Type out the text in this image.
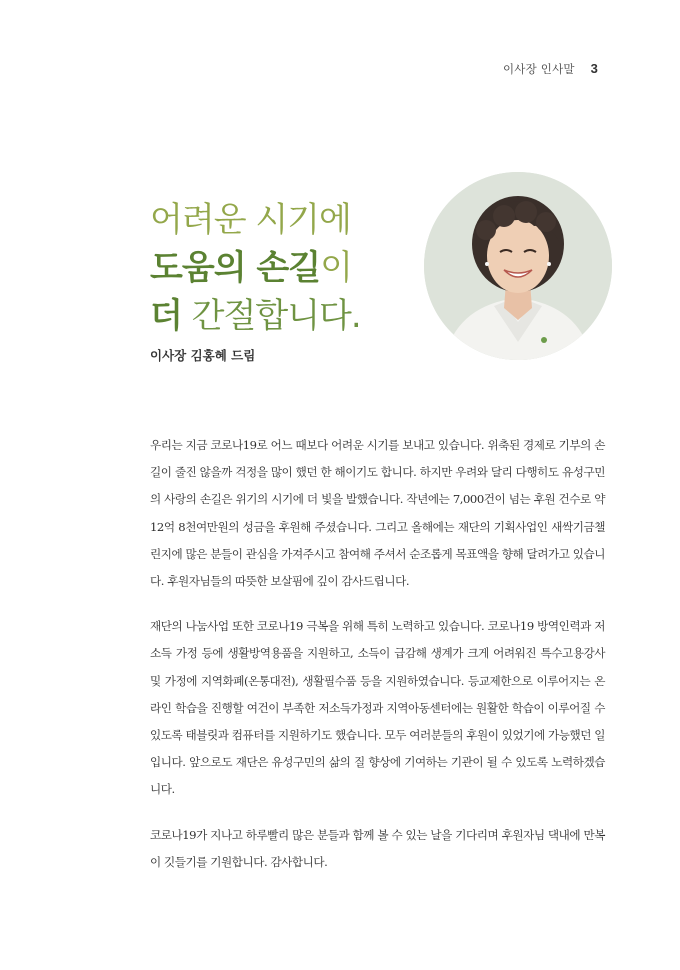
이사장 인사말 3
어려운 시기에
도움의 손길이
더 간절합니다.
이사장 김홍혜 드림

우리는 지금 코로나19로 어느 때보다 어려운 시기를 보내고 있습니다. 위축된 경제로 기부의 손길이 줄진 않을까 걱정을 많이 했던 한 해이기도 합니다. 하지만 우려와 달리 다행히도 유성구민의 사랑의 손길은 위기의 시기에 더 빛을 발했습니다. 작년에는 7,000건이 넘는 후원 건수로 약 12억 8천여만원의 성금을 후원해 주셨습니다. 그리고 올해에는 재단의 기획사업인 새싹기금챌린지에 많은 분들이 관심을 가져주시고 참여해 주셔서 순조롭게 목표액을 향해 달려가고 있습니다. 후원자님들의 따뜻한 보살핌에 깊이 감사드립니다.

재단의 나눔사업 또한 코로나19 극복을 위해 특히 노력하고 있습니다. 코로나19 방역인력과 저소득 가정 등에 생활방역용품을 지원하고, 소득이 급감해 생계가 크게 어려워진 특수고용강사 및 가정에 지역화폐(온통대전), 생활필수품 등을 지원하였습니다. 등교제한으로 이루어지는 온라인 학습을 진행할 여건이 부족한 저소득가정과 지역아동센터에는 원활한 학습이 이루어질 수 있도록 태블릿과 컴퓨터를 지원하기도 했습니다. 모두 여러분들의 후원이 있었기에 가능했던 일입니다. 앞으로도 재단은 유성구민의 삶의 질 향상에 기여하는 기관이 될 수 있도록 노력하겠습니다.

코로나19가 지나고 하루빨리 많은 분들과 함께 볼 수 있는 날을 기다리며 후원자님 댁내에 만복이 깃들기를 기원합니다. 감사합니다.
